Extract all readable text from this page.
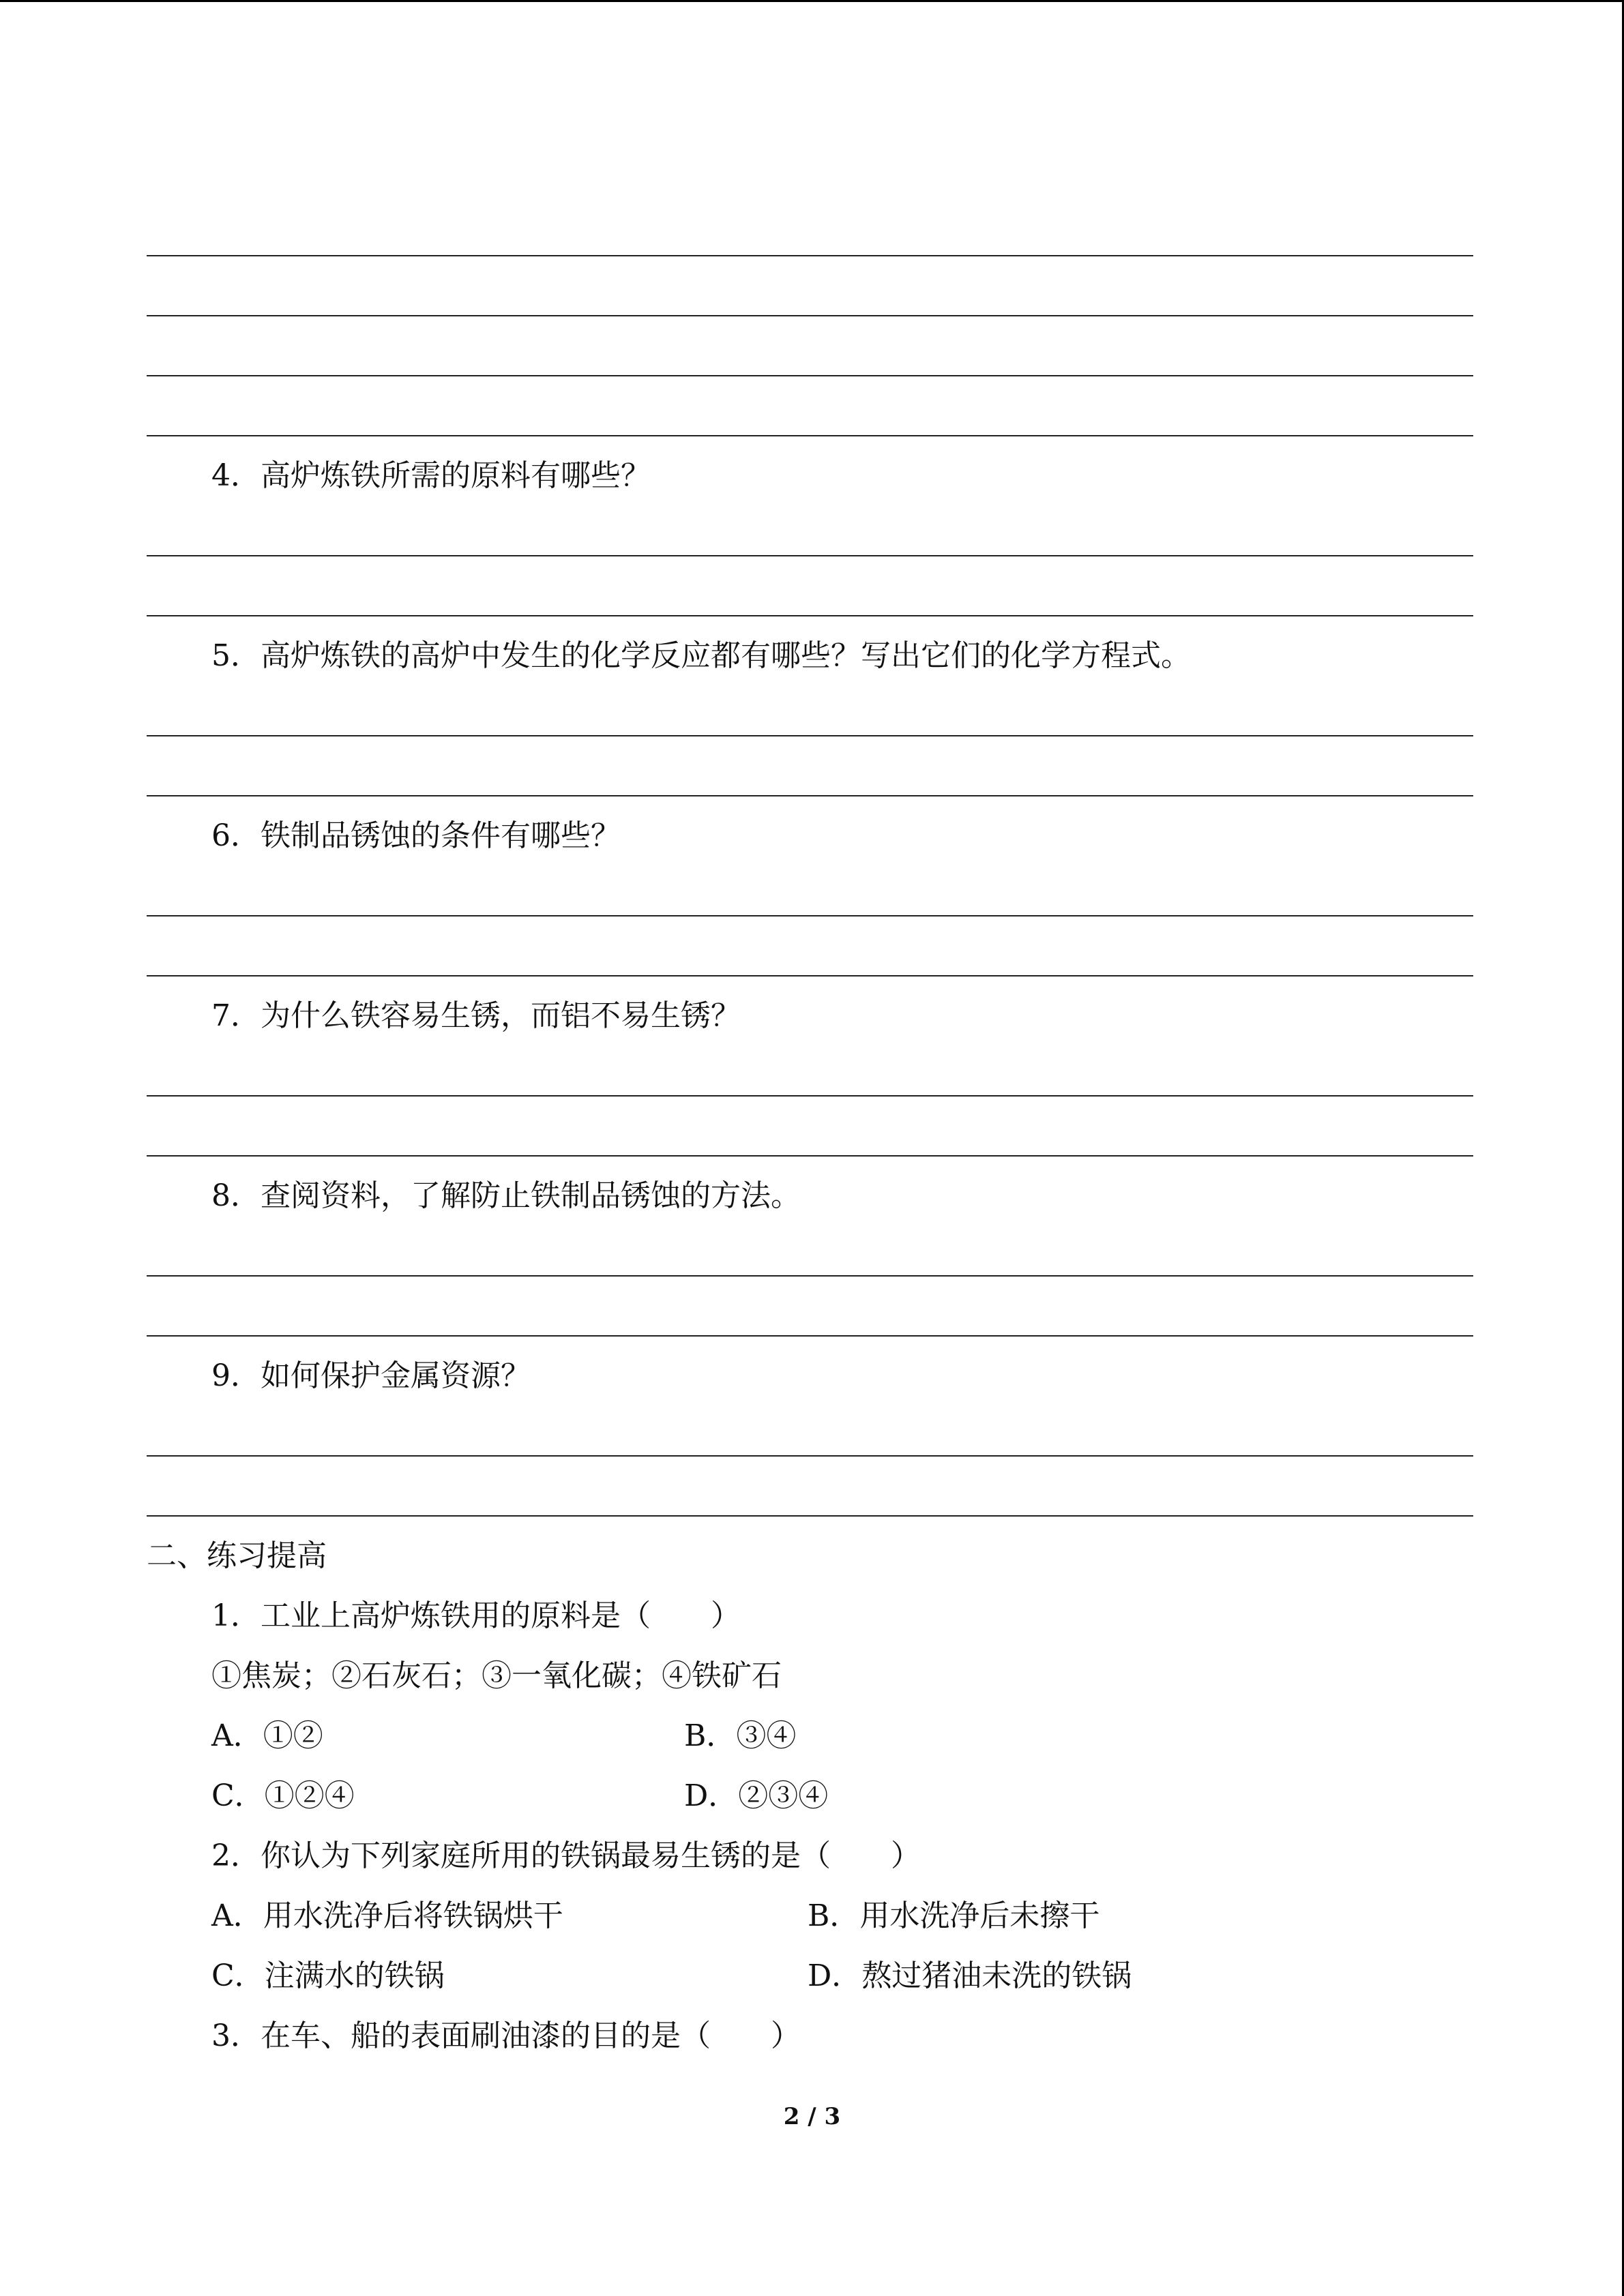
4．高炉炼铁所需的原料有哪些？
5．高炉炼铁的高炉中发生的化学反应都有哪些？写出它们的化学方程式。
6．铁制品锈蚀的条件有哪些？
7．为什么铁容易生锈，而铝不易生锈？
8．查阅资料，了解防止铁制品锈蚀的方法。
9．如何保护金属资源？
二、练习提高
1．工业上高炉炼铁用的原料是（　　）
①焦炭；②石灰石；③一氧化碳；④铁矿石
A．①②	B．③④
C．①②④	D．②③④
2．你认为下列家庭所用的铁锅最易生锈的是（　　）
A．用水洗净后将铁锅烘干	B．用水洗净后未擦干
C．注满水的铁锅	D．熬过猪油未洗的铁锅
3．在车、船的表面刷油漆的目的是（　　）
2 / 3
